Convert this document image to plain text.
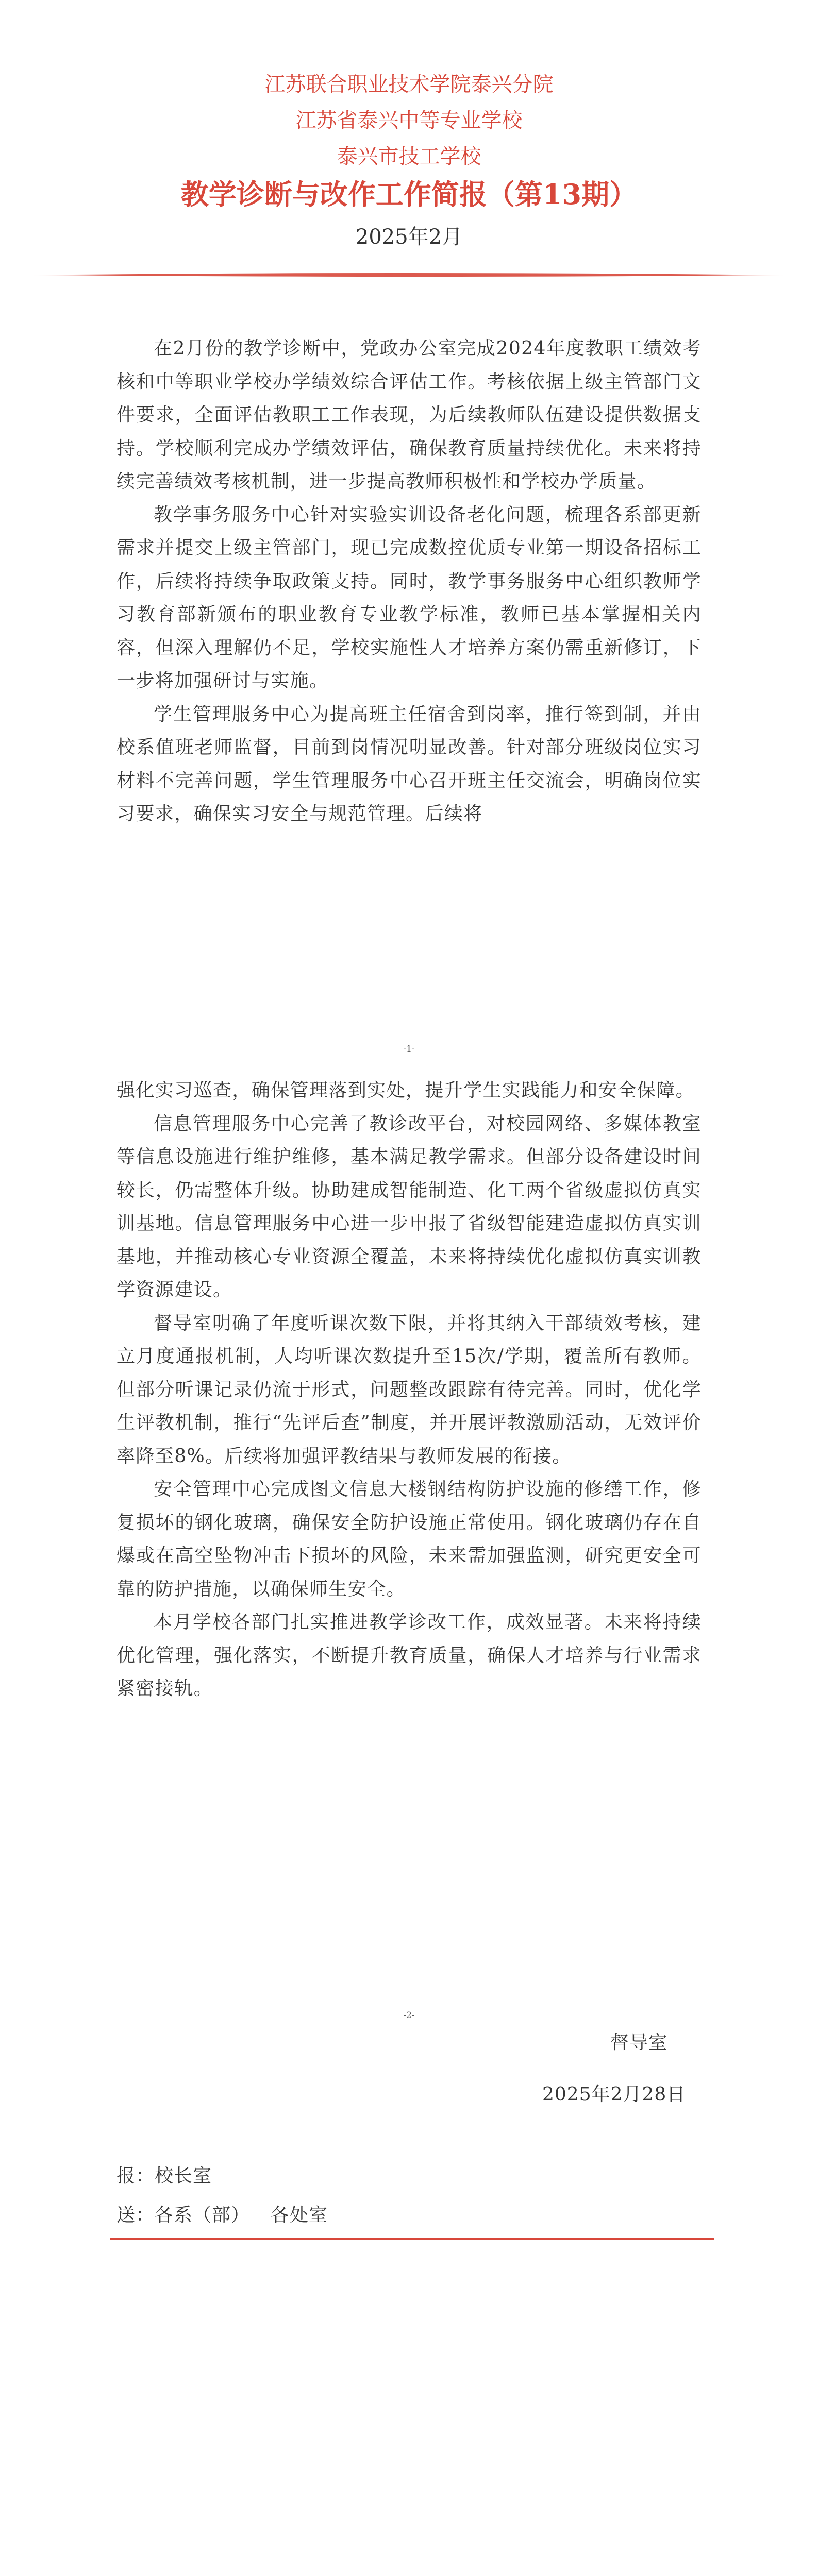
江苏联合职业技术学院泰兴分院
江苏省泰兴中等专业学校
泰兴市技工学校
教学诊断与改作工作简报（第13期）
2025年2月

在2月份的教学诊断中，党政办公室完成2024年度教职工绩效考核和中等职业学校办学绩效综合评估工作。考核依据上级主管部门文件要求，全面评估教职工工作表现，为后续教师队伍建设提供数据支持。学校顺利完成办学绩效评估，确保教育质量持续优化。未来将持续完善绩效考核机制，进一步提高教师积极性和学校办学质量。

教学事务服务中心针对实验实训设备老化问题，梳理各系部更新需求并提交上级主管部门，现已完成数控优质专业第一期设备招标工作，后续将持续争取政策支持。同时，教学事务服务中心组织教师学习教育部新颁布的职业教育专业教学标准，教师已基本掌握相关内容，但深入理解仍不足，学校实施性人才培养方案仍需重新修订，下一步将加强研讨与实施。

学生管理服务中心为提高班主任宿舍到岗率，推行签到制，并由校系值班老师监督，目前到岗情况明显改善。针对部分班级岗位实习材料不完善问题，学生管理服务中心召开班主任交流会，明确岗位实习要求，确保实习安全与规范管理。后续将

-1-

强化实习巡查，确保管理落到实处，提升学生实践能力和安全保障。

信息管理服务中心完善了教诊改平台，对校园网络、多媒体教室等信息设施进行维护维修，基本满足教学需求。但部分设备建设时间较长，仍需整体升级。协助建成智能制造、化工两个省级虚拟仿真实训基地。信息管理服务中心进一步申报了省级智能建造虚拟仿真实训基地，并推动核心专业资源全覆盖，未来将持续优化虚拟仿真实训教学资源建设。

督导室明确了年度听课次数下限，并将其纳入干部绩效考核，建立月度通报机制，人均听课次数提升至15次/学期，覆盖所有教师。但部分听课记录仍流于形式，问题整改跟踪有待完善。同时，优化学生评教机制，推行“先评后查”制度，并开展评教激励活动，无效评价率降至8%。后续将加强评教结果与教师发展的衔接。

安全管理中心完成图文信息大楼钢结构防护设施的修缮工作，修复损坏的钢化玻璃，确保安全防护设施正常使用。钢化玻璃仍存在自爆或在高空坠物冲击下损坏的风险，未来需加强监测，研究更安全可靠的防护措施，以确保师生安全。

本月学校各部门扎实推进教学诊改工作，成效显著。未来将持续优化管理，强化落实，不断提升教育质量，确保人才培养与行业需求紧密接轨。

-2-
督导室
2025年2月28日
报：校长室
送：各系（部） 各处室
